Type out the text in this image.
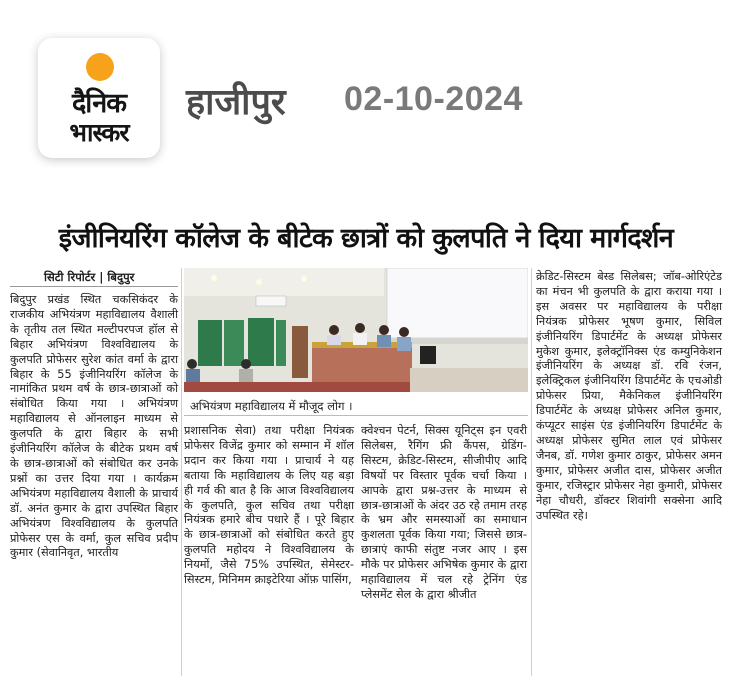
दैनिक
भास्कर
हाजीपुर 02-10-2024
इंजीनियरिंग कॉलेज के बीटेक छात्रों को कुलपति ने दिया मार्गदर्शन
सिटी रिपोर्टर | बिदुपुर
अभियंत्रण महाविद्यालय में मौजूद लोग ।
बिदुपुर प्रखंड स्थित चकसिकंदर के राजकीय अभियंत्रण महाविद्यालय वैशाली के तृतीय तल स्थित मल्टीपरपज हॉल से बिहार अभियंत्रण विश्वविद्यालय के कुलपति प्रोफेसर सुरेश कांत वर्मा के द्वारा बिहार के 55 इंजीनियरिंग कॉलेज के नामांकित प्रथम वर्ष के छात्र-छात्राओं को संबोधित किया गया । अभियंत्रण महाविद्यालय से ऑनलाइन माध्यम से कुलपति के द्वारा बिहार के सभी इंजीनियरिंग कॉलेज के बीटेक प्रथम वर्ष के छात्र-छात्राओं को संबोधित कर उनके प्रश्नों का उत्तर दिया गया । कार्यक्रम अभियंत्रण महाविद्यालय वैशाली के प्राचार्य डॉ. अनंत कुमार के द्वारा उपस्थित बिहार अभियंत्रण विश्वविद्यालय के कुलपति प्रोफेसर एस के वर्मा, कुल सचिव प्रदीप कुमार (सेवानिवृत, भारतीय
प्रशासनिक सेवा) तथा परीक्षा नियंत्रक प्रोफेसर विजेंद्र कुमार को सम्मान में शॉल प्रदान कर किया गया । प्राचार्य ने यह बताया कि महाविद्यालय के लिए यह बड़ा ही गर्व की बात है कि आज विश्वविद्यालय के कुलपति, कुल सचिव तथा परीक्षा नियंत्रक हमारे बीच पधारे हैं । पूरे बिहार के छात्र-छात्राओं को संबोधित करते हुए कुलपति महोदय ने विश्वविद्यालय के नियमों, जैसे 75% उपस्थित, सेमेस्टर-सिस्टम, मिनिमम क्राइटेरिया ऑफ़ पासिंग,
क्वेश्चन पेटर्न, सिक्स यूनिट्स इन एवरी सिलेबस, रैगिंग फ्री कैंपस, ग्रेडिंग- सिस्टम, क्रेडिट-सिस्टम, सीजीपीए आदि विषयों पर विस्तार पूर्वक चर्चा किया । आपके द्वारा प्रश्न-उत्तर के माध्यम से छात्र-छात्राओं के अंदर उठ रहे तमाम तरह के भ्रम और समस्याओं का समाधान कुशलता पूर्वक किया गया; जिससे छात्र-छात्राएं काफी संतुष्ट नजर आए । इस मौके पर प्रोफेसर अभिषेक कुमार के द्वारा महाविद्यालय में चल रहे ट्रेनिंग एंड प्लेसमेंट सेल के द्वारा श्रीजीत
क्रेडिट-सिस्टम बेस्ड सिलेबस; जॉब-ओरिएंटेड का मंचन भी कुलपति के द्वारा कराया गया । इस अवसर पर महाविद्यालय के परीक्षा नियंत्रक प्रोफेसर भूषण कुमार, सिविल इंजीनियरिंग डिपार्टमेंट के अध्यक्ष प्रोफेसर मुकेश कुमार, इलेक्ट्रॉनिक्स एंड कम्युनिकेशन इंजीनियरिंग के अध्यक्ष डॉ. रवि रंजन, इलेक्ट्रिकल इंजीनियरिंग डिपार्टमेंट के एचओडी प्रोफेसर प्रिया, मैकेनिकल इंजीनियरिंग डिपार्टमेंट के अध्यक्ष प्रोफेसर अनिल कुमार, कंप्यूटर साइंस एंड इंजीनियरिंग डिपार्टमेंट के अध्यक्ष प्रोफेसर सुमित लाल एवं प्रोफेसर जैनब, डॉ. गणेश कुमार ठाकुर, प्रोफेसर अमन कुमार, प्रोफेसर अजीत दास, प्रोफेसर अजीत कुमार, रजिस्ट्रार प्रोफेसर नेहा कुमारी, प्रोफेसर नेहा चौधरी, डॉक्टर शिवांगी सक्सेना आदि उपस्थित रहे।
